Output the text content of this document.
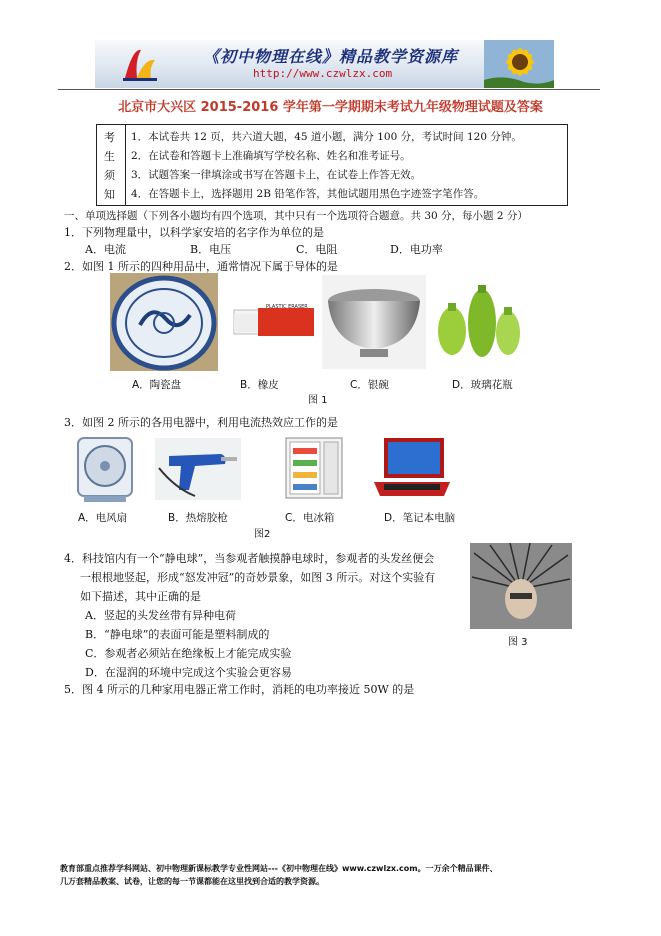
《初中物理在线》精品教学资源库
http://www.czwlzx.com
北京市大兴区 2015-2016 学年第一学期期末考试九年级物理试题及答案
考
生
须
知
1．本试卷共 12 页，共六道大题，45 道小题，满分 100 分，考试时间 120 分钟。
2．在试卷和答题卡上准确填写学校名称、姓名和准考证号。
3．试题答案一律填涂或书写在答题卡上，在试卷上作答无效。
4．在答题卡上，选择题用 2B 铅笔作答，其他试题用黑色字迹签字笔作答。
一、单项选择题（下列各小题均有四个选项，其中只有一个选项符合题意。共 30 分，每小题 2 分）
1．下列物理量中，以科学家安培的名字作为单位的是
A．电流	B．电压	C．电阻	D．电功率
2．如图 1 所示的四种用品中，通常情况下属于导体的是
PLASTIC ERASER
A．陶瓷盘	B．橡皮	C．银碗	D．玻璃花瓶
图 1
3．如图 2 所示的各用电器中，利用电流热效应工作的是
A．电风扇	B．热熔胶枪	C．电冰箱	D．笔记本电脑
图2
4．科技馆内有一个“静电球”，当参观者触摸静电球时，参观者的头发丝便会
一根根地竖起，形成“怒发冲冠”的奇妙景象，如图 3 所示。对这个实验有
如下描述，其中正确的是
A．竖起的头发丝带有异种电荷
B．“静电球”的表面可能是塑料制成的
C．参观者必须站在绝缘板上才能完成实验
D．在湿润的环境中完成这个实验会更容易
图 3
5．图 4 所示的几种家用电器正常工作时，消耗的电功率接近 50W 的是
教育部重点推荐学科网站、初中物理新课标教学专业性网站---《初中物理在线》www.czwlzx.com。一万余个精品课件、
几万套精品教案、试卷，让您的每一节课都能在这里找到合适的教学资源。
